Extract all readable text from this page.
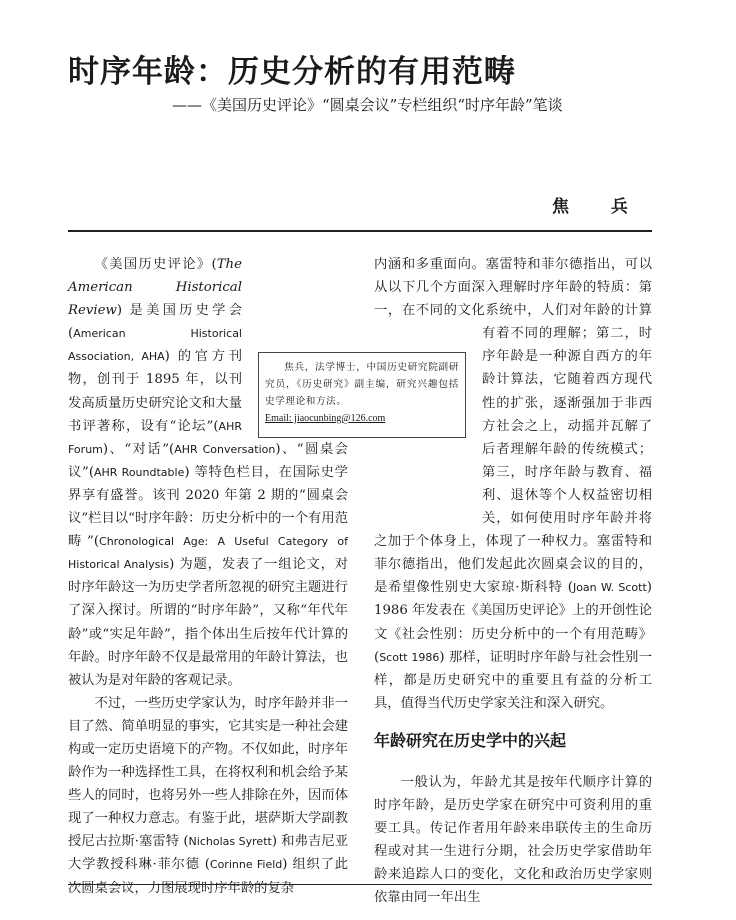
时序年龄：历史分析的有用范畴
——《美国历史评论》“圆桌会议”专栏组织“时序年龄”笔谈
焦 兵

《美国历史评论》(The American Historical Review) 是美国历史学会 (American Historical Association, AHA) 的官方刊物，创刊于 1895 年，以刊发高质量历史研究论文和大量书评著称，设有“论坛”(AHR Forum)、“对话”(AHR Conversation)、“圆桌会议”(AHR Roundtable) 等特色栏目，在国际史学界享有盛誉。该刊 2020 年第 2 期的“圆桌会议”栏目以“时序年龄：历史分析中的一个有用范畴”(Chronological Age: A Useful Category of Historical Analysis) 为题，发表了一组论文，对时序年龄这一为历史学者所忽视的研究主题进行了深入探讨。所谓的“时序年龄”，又称“年代年龄”或“实足年龄”，指个体出生后按年代计算的年龄。时序年龄不仅是最常用的年龄计算法，也被认为是对年龄的客观记录。

不过，一些历史学家认为，时序年龄并非一目了然、简单明显的事实，它其实是一种社会建构或一定历史语境下的产物。不仅如此，时序年龄作为一种选择性工具，在将权利和机会给予某些人的同时，也将另外一些人排除在外，因而体现了一种权力意志。有鉴于此，堪萨斯大学副教授尼古拉斯·塞雷特 (Nicholas Syrett) 和弗吉尼亚大学教授科琳·菲尔德 (Corinne Field) 组织了此次圆桌会议，力图展现时序年龄的复杂

内涵和多重面向。塞雷特和菲尔德指出，可以从以下几个方面深入理解时序年龄的特质：第一，在不同的文化系统中，人们对年龄的计算有着不同的理解；第二，时序年龄是一种源自西方的年龄计算法，它随着西方现代性的扩张，逐渐强加于非西方社会之上，动摇并瓦解了后者理解年龄的传统模式；第三，时序年龄与教育、福利、退休等个人权益密切相关，如何使用时序年龄并将之加于个体身上，体现了一种权力。塞雷特和菲尔德指出，他们发起此次圆桌会议的目的，是希望像性别史大家琼·斯科特 (Joan W. Scott) 1986 年发表在《美国历史评论》上的开创性论文《社会性别：历史分析中的一个有用范畴》(Scott 1986) 那样，证明时序年龄与社会性别一样，都是历史研究中的重要且有益的分析工具，值得当代历史学家关注和深入研究。

年龄研究在历史学中的兴起

一般认为，年龄尤其是按年代顺序计算的时序年龄，是历史学家在研究中可资利用的重要工具。传记作者用年龄来串联传主的生命历程或对其一生进行分期，社会历史学家借助年龄来追踪人口的变化，文化和政治历史学家则依靠由同一年出生

焦兵，法学博士，中国历史研究院副研究员，《历史研究》副主编，研究兴趣包括史学理论和方法。

Email: jiaocunbing@126.com
